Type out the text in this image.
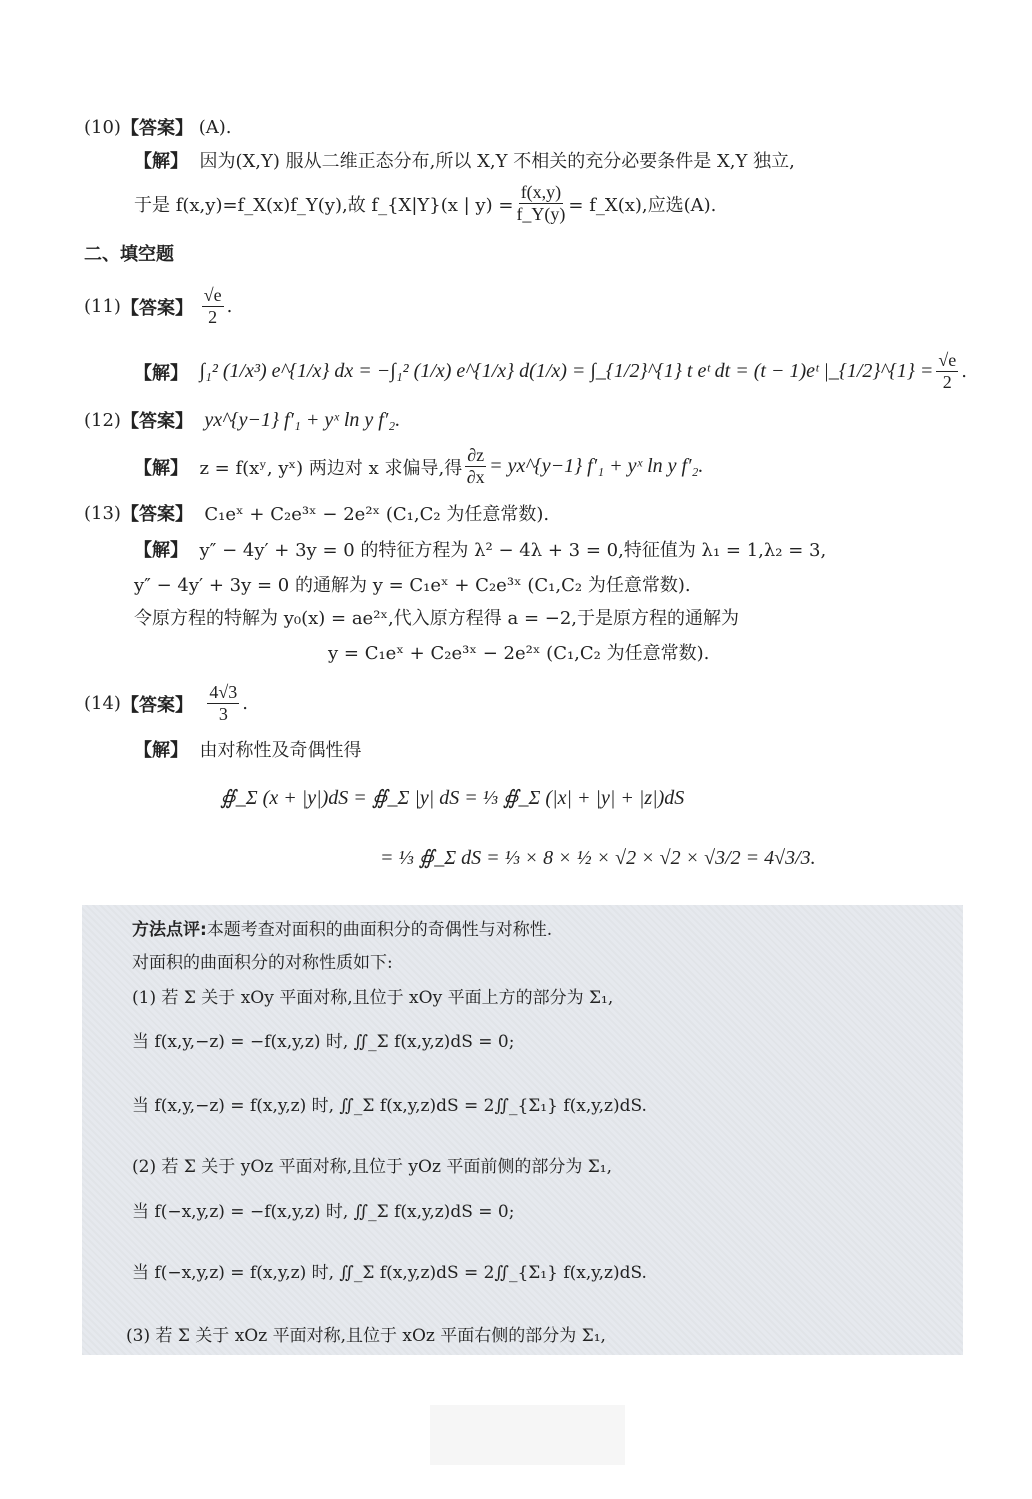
(10) 【答案】
(A).
【解】
因为(X,Y) 服从二维正态分布,所以 X,Y 不相关的充分必要条件是 X,Y 独立,
于是 f(x,y)=f_X(x)f_Y(y),故 f_{X|Y}(x | $y) = \frac{f(x,y)}{f\_Y(y)}$ = f_X(x),应选(A).
二、填空题
(11) 【答案】
$\frac{√e}{2}$ .
【解】
∫₁² (1/x³) e^{1/x} dx = −∫₁² (1/x) e^{1/x} d(1/x) = ∫_{1/2}^{1} t eᵗ dt = (t − 1)eᵗ |_{1/2}^{1} = $\frac{√e}{2}$ .
(12) 【答案】
yx^{y−1} f′₁ + yˣ ln y f′₂.
【解】
z = f(xʸ, yˣ) 两边对 x 求偏导,得 $\frac{\partial z}{\partial x}$ = yx^{y−1} f′₁ + yˣ ln y f′₂.
(13) 【答案】
C₁eˣ + C₂e³ˣ − 2e²ˣ (C₁,C₂ 为任意常数).
【解】
y″ − 4y′ + 3y = 0 的特征方程为 λ² − 4λ + 3 = 0,特征值为 λ₁ = 1,λ₂ = 3,
y″ − 4y′ + 3y = 0 的通解为 y = C₁eˣ + C₂e³ˣ (C₁,C₂ 为任意常数).
令原方程的特解为 y₀(x) = ae²ˣ,代入原方程得 a = −2,于是原方程的通解为
y = C₁eˣ + C₂e³ˣ − 2e²ˣ (C₁,C₂ 为任意常数).
(14) 【答案】
$\frac{4√3}{3}$ .
【解】
由对称性及奇偶性得
∯_Σ (x + |y|)dS = ∯_Σ |y| dS = ⅓ ∯_Σ (|x| + |y| + |z|)dS
= ⅓ ∯_Σ dS = ⅓ × 8 × ½ × √2 × √2 × √3/2 = 4√3/3.
方法点评: 本题考查对面积的曲面积分的奇偶性与对称性.
对面积的曲面积分的对称性质如下:
(1) 若 Σ 关于 xOy 平面对称,且位于 xOy 平面上方的部分为 Σ₁,
当 f(x,y,−z) = −f(x,y,z) 时, ∬_Σ f(x,y,z)dS = 0;
当 f(x,y,−z) = f(x,y,z) 时, ∬_Σ f(x,y,z)dS = 2∬_{Σ₁} f(x,y,z)dS.
(2) 若 Σ 关于 yOz 平面对称,且位于 yOz 平面前侧的部分为 Σ₁,
当 f(−x,y,z) = −f(x,y,z) 时, ∬_Σ f(x,y,z)dS = 0;
当 f(−x,y,z) = f(x,y,z) 时, ∬_Σ f(x,y,z)dS = 2∬_{Σ₁} f(x,y,z)dS.
(3) 若 Σ 关于 xOz 平面对称,且位于 xOz 平面右侧的部分为 Σ₁,
